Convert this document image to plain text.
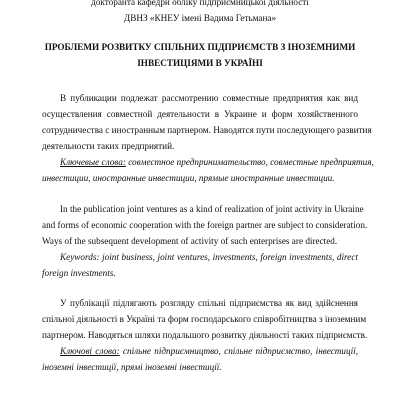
докторанта кафедри обліку підприємницької діяльності
ДВНЗ «КНЕУ імені Вадима Гетьмана»
ПРОБЛЕМИ РОЗВИТКУ СПІЛЬНИХ ПІДПРИЄМСТВ З ІНОЗЕМНИМИ
ІНВЕСТИЦІЯМИ В УКРАЇНІ
В публикации подлежат рассмотрению совместные предприятия как вид
осуществления совместной деятельности в Украине и форм хозяйственного
сотрудничества с иностранным партнером. Наводятся пути последующего развития
деятельности таких предприятий.
Ключевые слова: совместное предпринимательство, совместные предприятия,
инвестиции, иностранные инвестиции, прямые иностранные инвестиции.
In the publication joint ventures as a kind of realization of joint activity in Ukraine
and forms of economic cooperation with the foreign partner are subject to consideration.
Ways of the subsequent development of activity of such enterprises are directed.
Keywords: joint business, joint ventures, investments, foreign investments, direct
foreign investments.
У публікації підлягають розгляду спільні підприємства як вид здійснення
спільної діяльності в Україні та форм господарського співробітництва з іноземним
партнером. Наводяться шляхи подальшого розвитку діяльності таких підприємств.
Ключові слова: спільне підприємництво, спільне підприємство, інвестиції,
іноземні інвестиції, прямі іноземні інвестиції.
